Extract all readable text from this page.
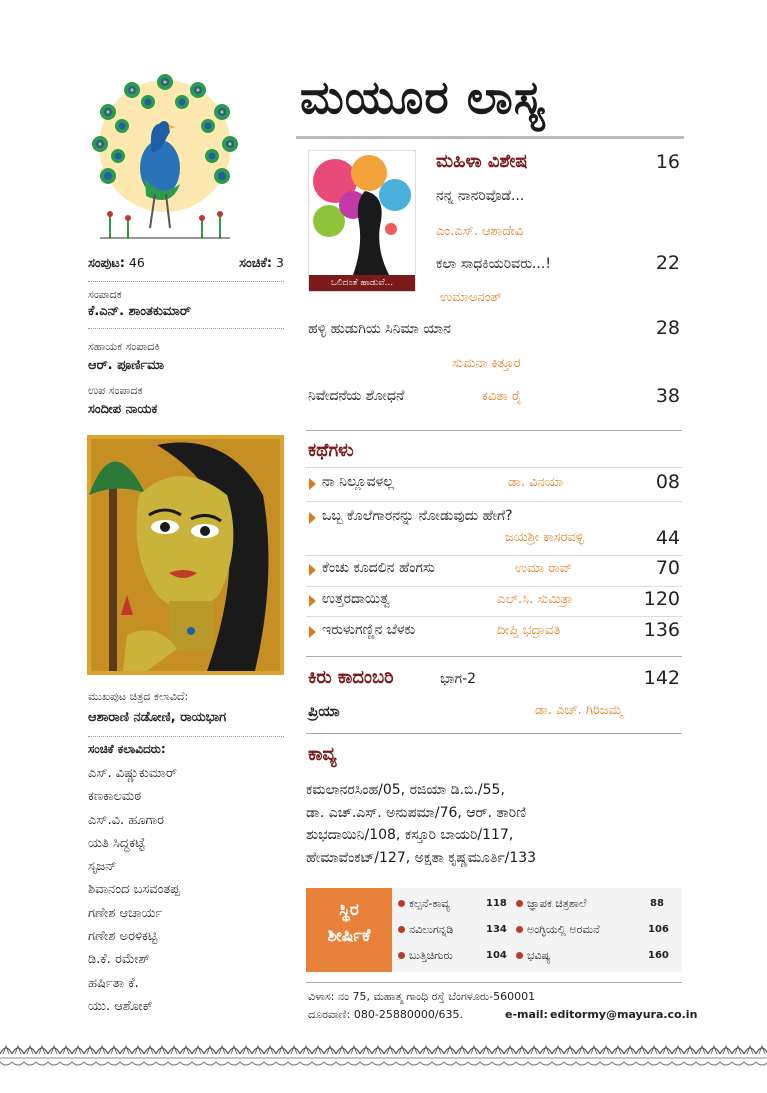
ಸಂಪುಟ: 46	ಸಂಚಿಕೆ: 3
ಸಂಪಾದಕ
ಕೆ.ಎನ್. ಶಾಂತಕುಮಾರ್
ಸಹಾಯಕ ಸಂಪಾದಕಿ
ಆರ್. ಪೂರ್ಣಿಮಾ
ಉಪ ಸಂಪಾದಕ
ಸಂದೀಪ ನಾಯಕ
ಮುಖಪುಟ ಚಿತ್ರದ ಕಲಾವಿದೆ:
ಆಶಾರಾಣಿ ನಡೋಣಿ, ರಾಯಭಾಗ
ಸಂಚಿಕೆ ಕಲಾವಿದರು:
ಎಸ್. ವಿಷ್ಣುಕುಮಾರ್
ಕಣಕಾಲಮಠ
ಎಸ್.ವಿ. ಹೂಗಾರ
ಯತಿ ಸಿದ್ಧಕಟ್ಟೆ
ಸೃಜನ್
ಶಿವಾನಂದ ಬಸವಂತಪ್ಪ
ಗಣೇಶ ಆಚಾರ್ಯ
ಗಣೇಶ ಅರಳಿಕಟ್ಟಿ
ಡಿ.ಕೆ. ರಮೇಶ್
ಹರ್ಷಿತಾ ಕೆ.
ಯು. ಆಶೋಕ್
ಮಯೂರ ಲಾಸ್ಯ
ಒಲಿದಂತೆ ಹಾಡುವೆ...
ಮಹಿಳಾ ವಿಶೇಷ	16
ನನ್ನ ನಾನರಿವೊಡೆ...
ಎಂ.ಎಸ್. ಆಶಾದೇವಿ
ಕಲಾ ಸಾಧಕಿಯರಿವರು...!	22
ಉಮಾಅನಂತ್
ಹಳ್ಳಿ ಹುಡುಗಿಯ ಸಿನಿಮಾ ಯಾನ	28
ಸುಮನಾ ಕಿತ್ತೂರ
ನಿವೇದನೆಯ ಶೋಧನೆ	ಕವಿತಾ ರೈ	38
ಕಥೆಗಳು
ನಾ ನಿಲ್ಲೂವಳಲ್ಲ	ಡಾ. ವಿನಯಾ	08
ಒಬ್ಬ ಕೊಲೆಗಾರನನ್ನು ನೋಡುವುದು ಹೇಗೆ?
ಜಯಶ್ರೀ ಕಾಸರವಳ್ಳಿ	44
ಕೆಂಚು ಕೂದಲಿನ ಹೆಂಗಸು	ಉಮಾ ರಾವ್	70
ಉತ್ತರದಾಯಿತ್ವ	ಎಲ್.ಸಿ. ಸುಮಿತ್ರಾ	120
ಇರುಳುಗಣ್ಣಿನ ಬೆಳಕು	ದೀಪ್ತಿ ಭದ್ರಾವತಿ	136
ಕಿರು ಕಾದಂಬರಿ	ಭಾಗ-2	142
ಪ್ರಿಯಾ	ಡಾ. ಎಚ್. ಗಿರಿಜಮ್ಮ
ಕಾವ್ಯ
ಕಮಲಾನರಸಿಂಹ/05, ರಜಿಯಾ ಡಿ.ಬಿ./55,
ಡಾ. ಎಚ್.ಎಸ್. ಅನುಪಮಾ/76, ಆರ್. ತಾರಿಣಿ
ಶುಭದಾಯಿನಿ/108, ಕಸ್ತೂರಿ ಬಾಯರಿ/117,
ಹೇಮಾವೆಂಕಟ್/127, ಅಕ್ಷತಾ ಕೃಷ್ಣಮೂರ್ತಿ/133
ಸ್ಥಿರ
ಶೀರ್ಷಿಕೆ
ಕಲ್ಪನೆ-ಕಾವ್ಯ	118	ಜ್ಞಾಪಕ ಚಿತ್ರಶಾಲೆ	88
ನವಿಲುಗನ್ನಡಿ	134	ಅಂಗ್ಳಿಯಲ್ಲಿ ಅರಮನೆ	106
ಬುತ್ತಿಚಿಗುರು	104	ಭವಿಷ್ಯ	160
ವಿಳಾಸ: ನಂ 75, ಮಹಾತ್ಮ ಗಾಂಧಿ ರಸ್ತೆ ಬೆಂಗಳೂರು-560001
ದೂರವಾಣಿ: 080-25880000/635.	e-mail: editormy@mayura.co.in
